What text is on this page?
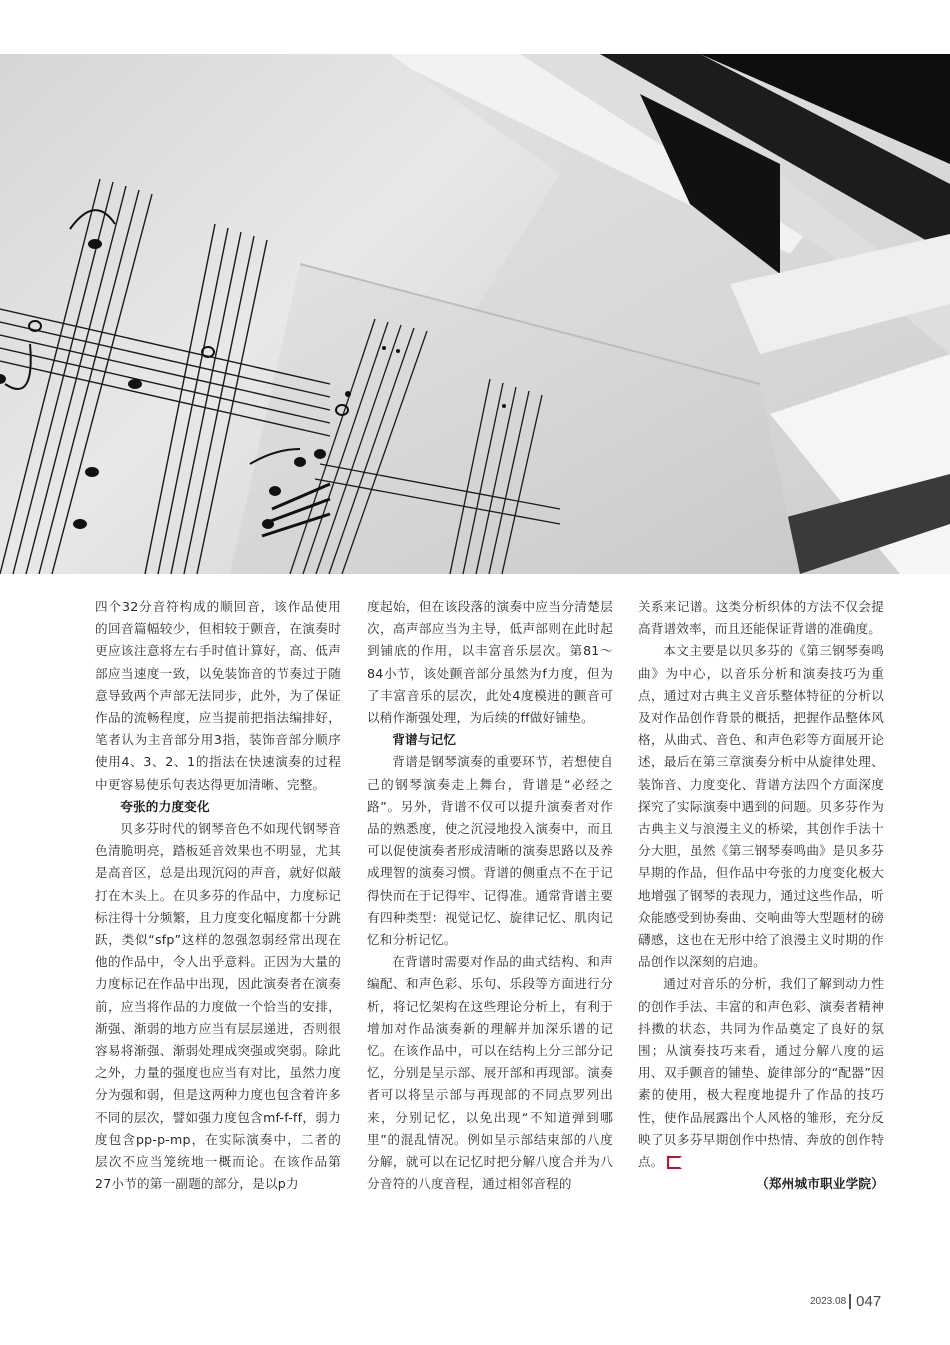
四个32分音符构成的顺回音，该作品使用的回音篇幅较少，但相较于颤音，在演奏时更应该注意将左右手时值计算好，高、低声部应当速度一致，以免装饰音的节奏过于随意导致两个声部无法同步，此外，为了保证作品的流畅程度，应当提前把指法编排好，笔者认为主音部分用3指，装饰音部分顺序使用4、3、2、1的指法在快速演奏的过程中更容易使乐句表达得更加清晰、完整。

夸张的力度变化

贝多芬时代的钢琴音色不如现代钢琴音色清脆明亮，踏板延音效果也不明显，尤其是高音区，总是出现沉闷的声音，就好似敲打在木头上。在贝多芬的作品中，力度标记标注得十分频繁，且力度变化幅度都十分跳跃，类似“sfp”这样的忽强忽弱经常出现在他的作品中，令人出乎意料。正因为大量的力度标记在作品中出现，因此演奏者在演奏前，应当将作品的力度做一个恰当的安排，渐强、渐弱的地方应当有层层递进，否则很容易将渐强、渐弱处理成突强或突弱。除此之外，力量的强度也应当有对比，虽然力度分为强和弱，但是这两种力度也包含着许多不同的层次，譬如强力度包含mf-f-ff，弱力度包含pp-p-mp，在实际演奏中，二者的层次不应当笼统地一概而论。在该作品第27小节的第一副题的部分，是以p力

度起始，但在该段落的演奏中应当分清楚层次，高声部应当为主导，低声部则在此时起到铺底的作用，以丰富音乐层次。第81～84小节，该处颤音部分虽然为f力度，但为了丰富音乐的层次，此处4度模进的颤音可以稍作渐强处理，为后续的ff做好铺垫。

背谱与记忆

背谱是钢琴演奏的重要环节，若想使自己的钢琴演奏走上舞台，背谱是“必经之路”。另外，背谱不仅可以提升演奏者对作品的熟悉度，使之沉浸地投入演奏中，而且可以促使演奏者形成清晰的演奏思路以及养成理智的演奏习惯。背谱的侧重点不在于记得快而在于记得牢、记得准。通常背谱主要有四种类型：视觉记忆、旋律记忆、肌肉记忆和分析记忆。

在背谱时需要对作品的曲式结构、和声编配、和声色彩、乐句、乐段等方面进行分析，将记忆架构在这些理论分析上，有利于增加对作品演奏新的理解并加深乐谱的记忆。在该作品中，可以在结构上分三部分记忆，分别是呈示部、展开部和再现部。演奏者可以将呈示部与再现部的不同点罗列出来，分别记忆，以免出现“不知道弹到哪里”的混乱情况。例如呈示部结束部的八度分解，就可以在记忆时把分解八度合并为八分音符的八度音程，通过相邻音程的

关系来记谱。这类分析织体的方法不仅会提高背谱效率，而且还能保证背谱的准确度。

本文主要是以贝多芬的《第三钢琴奏鸣曲》为中心，以音乐分析和演奏技巧为重点，通过对古典主义音乐整体特征的分析以及对作品创作背景的概括，把握作品整体风格，从曲式、音色、和声色彩等方面展开论述，最后在第三章演奏分析中从旋律处理、装饰音、力度变化、背谱方法四个方面深度探究了实际演奏中遇到的问题。贝多芬作为古典主义与浪漫主义的桥梁，其创作手法十分大胆，虽然《第三钢琴奏鸣曲》是贝多芬早期的作品，但作品中夸张的力度变化极大地增强了钢琴的表现力，通过这些作品，听众能感受到协奏曲、交响曲等大型题材的磅礴感，这也在无形中给了浪漫主义时期的作品创作以深刻的启迪。

通过对音乐的分析，我们了解到动力性的创作手法、丰富的和声色彩、演奏者精神抖擞的状态，共同为作品奠定了良好的氛围；从演奏技巧来看，通过分解八度的运用、双手颤音的铺垫、旋律部分的“配器”因素的使用，极大程度地提升了作品的技巧性，使作品展露出个人风格的雏形，充分反映了贝多芬早期创作中热情、奔放的创作特点。

（郑州城市职业学院）
2023.08 047
